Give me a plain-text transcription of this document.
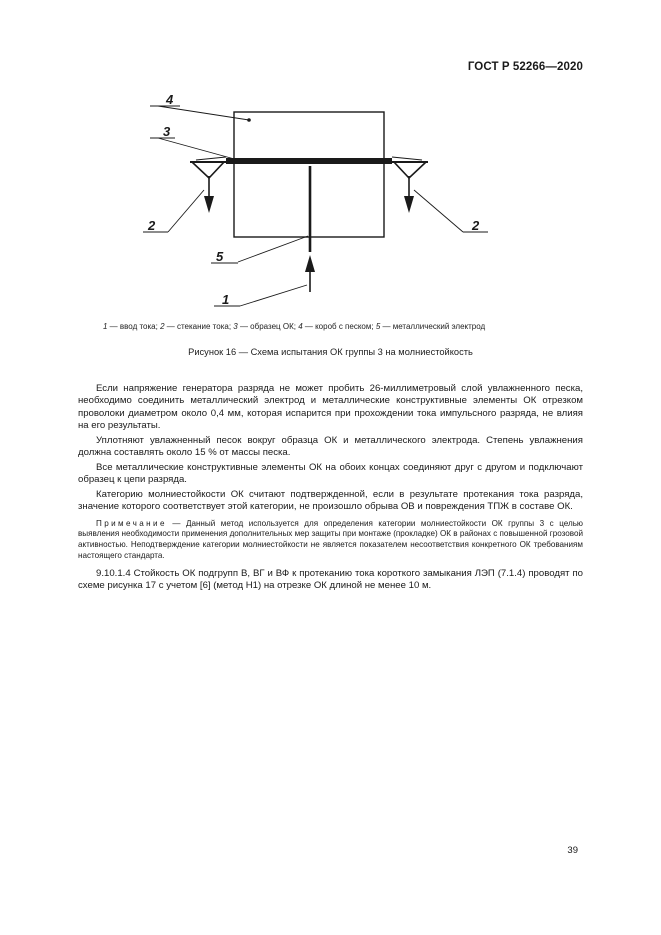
ГОСТ Р 52266—2020
4
3
2	2
5
1
1 — ввод тока; 2 — стекание тока; 3 — образец ОК; 4 — короб с песком; 5 — металлический электрод
Рисунок 16 — Схема испытания ОК группы 3 на молниестойкость

Если напряжение генератора разряда не может пробить 26-миллиметровый слой увлажненного песка, необходимо соединить металлический электрод и металлические конструктивные элементы ОК отрезком проволоки диаметром около 0,4 мм, которая испарится при прохождении тока импульсного разряда, не влияя на его результаты.

Уплотняют увлажненный песок вокруг образца ОК и металлического электрода. Степень увлажнения должна составлять около 15 % от массы песка.

Все металлические конструктивные элементы ОК на обоих концах соединяют друг с другом и подключают образец к цепи разряда.

Категорию молниестойкости ОК считают подтвержденной, если в результате протекания тока разряда, значение которого соответствует этой категории, не произошло обрыва ОВ и повреждения ТПЖ в составе ОК.

Примечание — Данный метод используется для определения категории молниестойкости ОК группы 3 с целью выявления необходимости применения дополнительных мер защиты при монтаже (прокладке) ОК в районах с повышенной грозовой активностью. Неподтверждение категории молниестойкости не является показателем несоответствия конкретного ОК требованиям настоящего стандарта.

9.10.1.4 Стойкость ОК подгрупп В, ВГ и ВФ к протеканию тока короткого замыкания ЛЭП (7.1.4) проводят по схеме рисунка 17 с учетом [6] (метод Н1) на отрезке ОК длиной не менее 10 м.

39
